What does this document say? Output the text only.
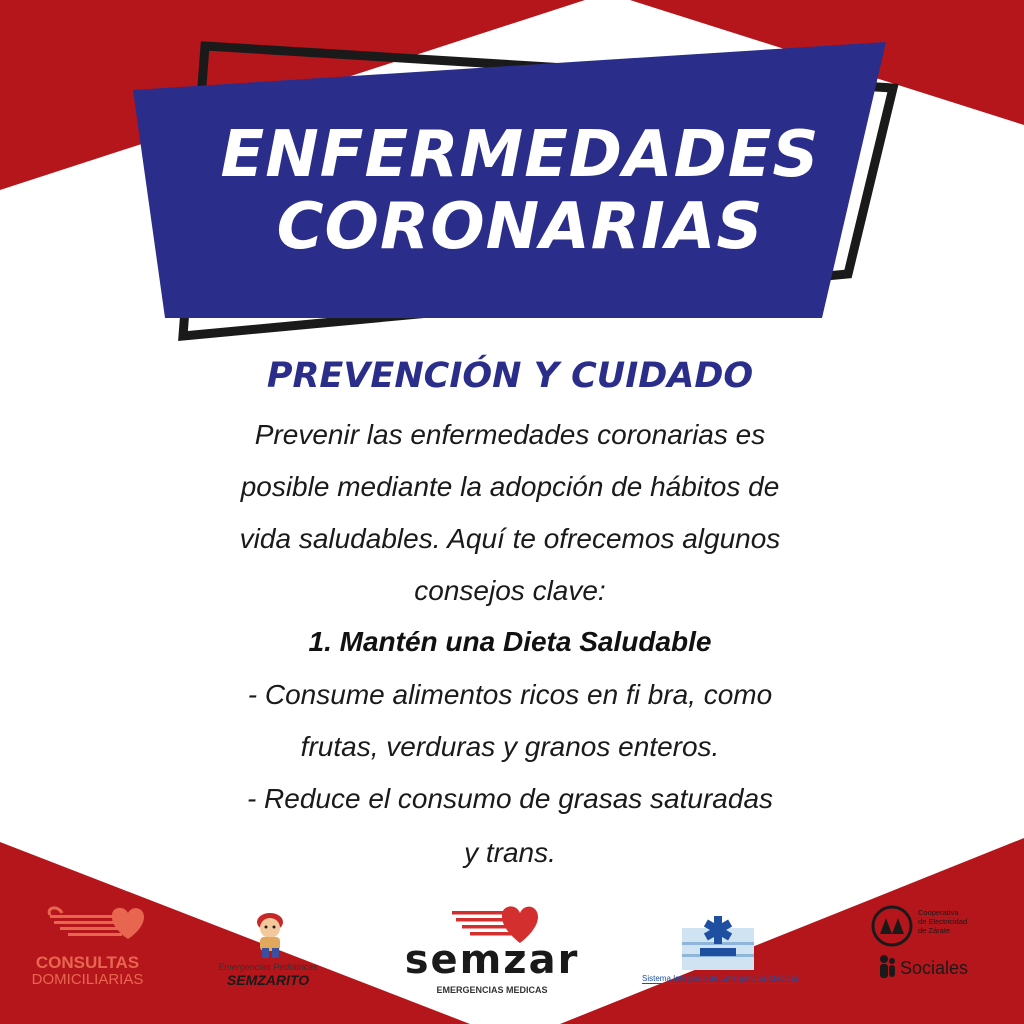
ENFERMEDADES
CORONARIAS
PREVENCIÓN Y CUIDADO
Prevenir las enfermedades coronarias es
posible mediante la adopción de hábitos de
vida saludables. Aquí te ofrecemos algunos
consejos clave:
1. Mantén una Dieta Saludable
- Consume alimentos ricos en fi bra, como
frutas, verduras y granos enteros.
- Reduce el consumo de grasas saturadas
y trans.
CONSULTAS
DOMICILIARIAS
Emergencias Pediátricas
SEMZARITO	semzar
EMERGENCIAS MEDICAS
Sistema Integrado de Emergencias Medicas
Cooperativa
de Electricidad
de Zárate
Sociales
